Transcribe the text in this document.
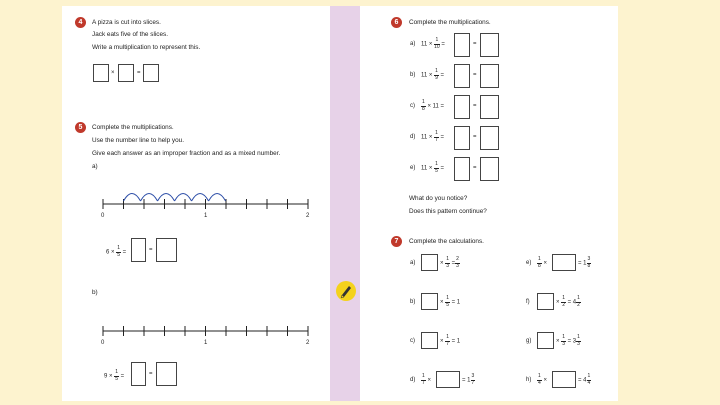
4	A pizza is cut into slices.
Jack eats five of the slices.
Write a multiplication to represent this.
×	=
5	Complete the multiplications.
Use the number line to help you.
Give each answer as an improper fraction and as a mixed number.
a)
0	1	2
$6 \times \frac{1}{5}$ =	=
b)
0	1	2
$9 \times \frac{1}{5}$ =	=
6	Complete the multiplications.
a) $11 \times \frac{1}{10}$ =	=
b) $11 \times \frac{1}{9}$ =	=
$c) \frac{1}{8} \times 11$ =	=
d) $11 \times \frac{1}{7}$ =	=
e) $11 \times \frac{1}{5}$ =	=
What do you notice?
Does this pattern continue?
7	Complete the calculations.
a)	× $\frac{1}{3} = \frac{2}{3}$
b)	× $\frac{1}{5} = 1$
c)	× $\frac{1}{7} = 1$
$d) \frac{1}{7}$ ×	= $1 \frac{3}{7}$
$e) \frac{1}{8}$ ×	= $1 \frac{3}{8}$
f)	× $\frac{1}{2} = 4 \frac{1}{2}$
g)	× $\frac{1}{3} = 3 \frac{1}{3}$
$h) \frac{1}{4}$ ×	= $4 \frac{1}{4}$
